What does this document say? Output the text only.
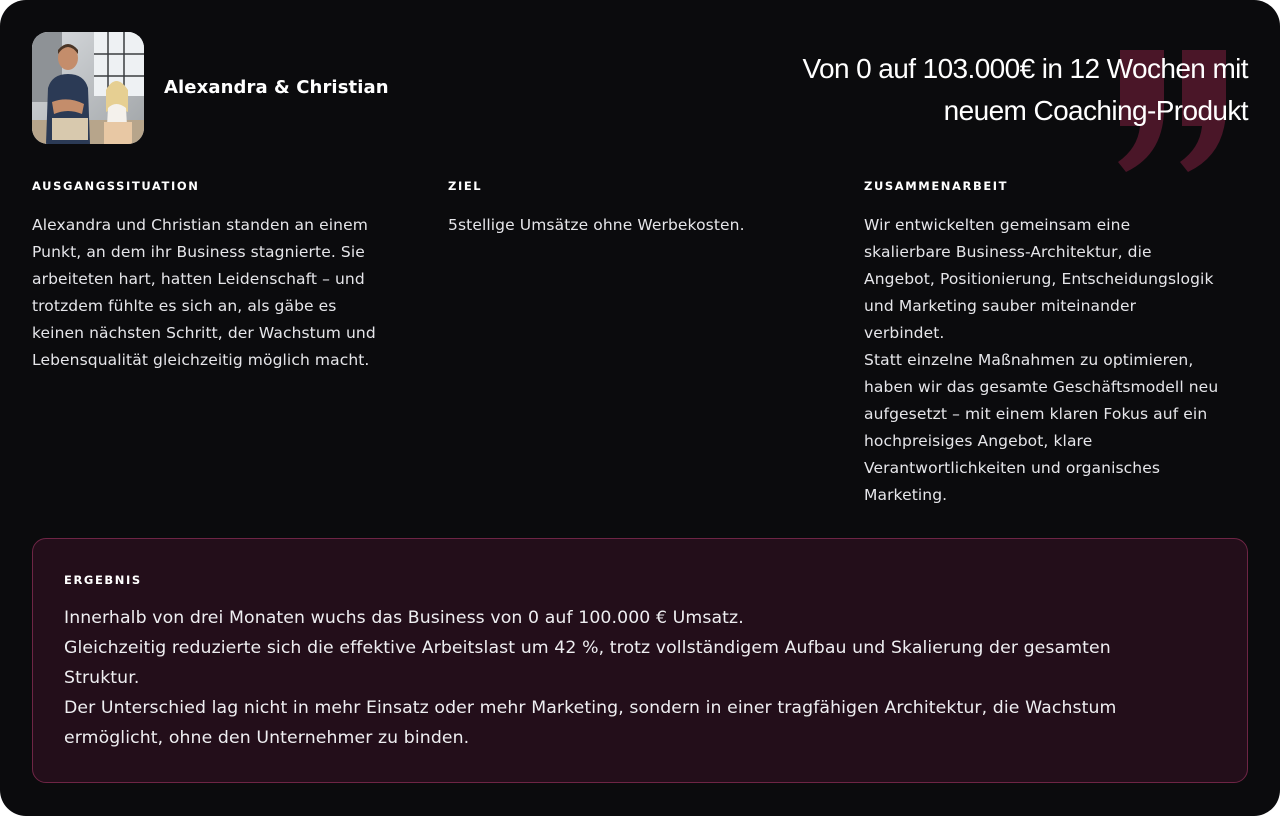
Alexandra & Christian
Von 0 auf 103.000€ in 12 Wochen mit
neuem Coaching-Produkt
AUSGANGSSITUATION

Alexandra und Christian standen an einem

Punkt, an dem ihr Business stagnierte. Sie

arbeiteten hart, hatten Leidenschaft – und

trotzdem fühlte es sich an, als gäbe es

keinen nächsten Schritt, der Wachstum und

Lebensqualität gleichzeitig möglich macht.

ZIEL

5stellige Umsätze ohne Werbekosten.

ZUSAMMENARBEIT

Wir entwickelten gemeinsam eine

skalierbare Business-Architektur, die

Angebot, Positionierung, Entscheidungslogik

und Marketing sauber miteinander

verbindet.

Statt einzelne Maßnahmen zu optimieren,

haben wir das gesamte Geschäftsmodell neu

aufgesetzt – mit einem klaren Fokus auf ein

hochpreisiges Angebot, klare

Verantwortlichkeiten und organisches

Marketing.

ERGEBNIS

Innerhalb von drei Monaten wuchs das Business von 0 auf 100.000 € Umsatz.

Gleichzeitig reduzierte sich die effektive Arbeitslast um 42 %, trotz vollständigem Aufbau und Skalierung der gesamten

Struktur.

Der Unterschied lag nicht in mehr Einsatz oder mehr Marketing, sondern in einer tragfähigen Architektur, die Wachstum

ermöglicht, ohne den Unternehmer zu binden.
